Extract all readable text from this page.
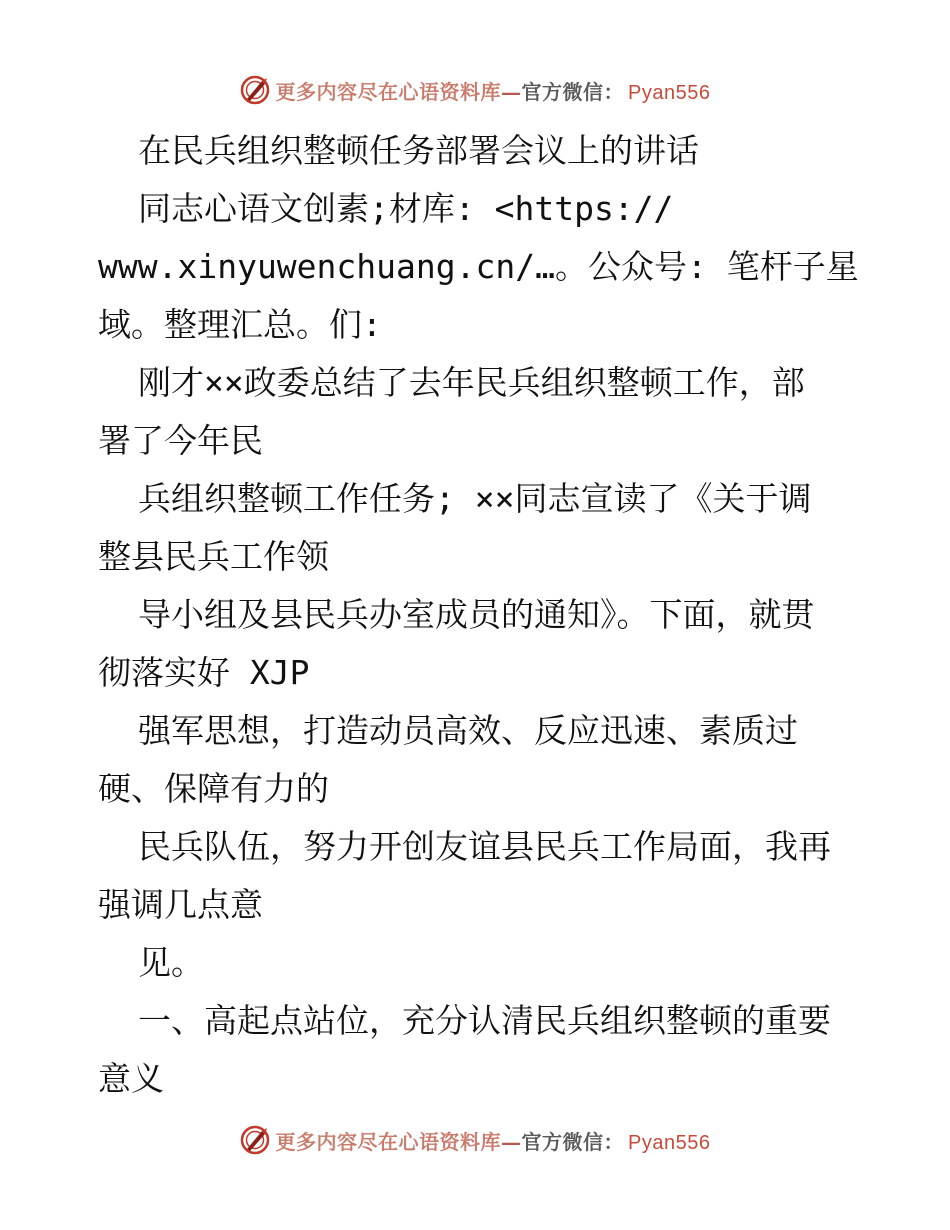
更多内容尽在心语资料库—官方微信： Pyan556

在民兵组织整顿任务部署会议上的讲话

同志心语文创素;材库: <https://

www.xinyuwenchuang.cn/…。公众号: 笔杆子星

域。整理汇总。们:

刚才××政委总结了去年民兵组织整顿工作，部

署了今年民

兵组织整顿工作任务; ××同志宣读了《关于调

整县民兵工作领

导小组及县民兵办室成员的通知》。下面，就贯

彻落实好 XJP

强军思想，打造动员高效、反应迅速、素质过

硬、保障有力的

民兵队伍，努力开创友谊县民兵工作局面，我再

强调几点意

见。

一、高起点站位，充分认清民兵组织整顿的重要

意义

更多内容尽在心语资料库—官方微信： Pyan556
